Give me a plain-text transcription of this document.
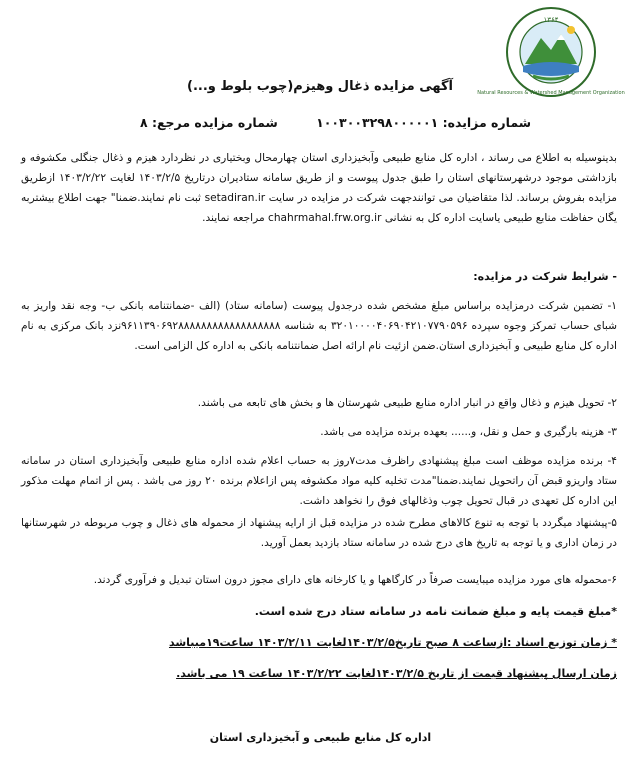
۱۳۶۴
Natural Resources & Watershed Management Organization
آگهی مزایده ذغال وهیزم(چوب بلوط و...)
شماره مزایده: ۱۰۰۳۰۰۳۲۹۸۰۰۰۰۰۱
شماره مزایده مرجع: ۸
بدینوسیله به اطلاع می رساند ، اداره کل منابع طبیعی وآبخیزداری استان چهارمحال وبختیاری در نظردارد هیزم و ذغال جنگلی مکشوفه و بازداشتی موجود درشهرستانهای استان را طبق جدول پیوست و از طریق سامانه ستادیران درتاریخ ۱۴۰۳/۲/۵ لغایت ۱۴۰۳/۲/۲۲ ازطریق مزایده بفروش برساند. لذا متقاضیان می توانندجهت شرکت در مزایده در سایت setadiran.ir ثبت نام نمایند.ضمنا" جهت اطلاع بیشتربه یگان حفاظت منابع طبیعی یاسایت اداره کل به نشانی chahrmahal.frw.org.ir مراجعه نمایند.
- شرایط شرکت در مزایده:
۱- تضمین شرکت درمزایده براساس مبلغ مشخص شده درجدول پیوست (سامانه ستاد) (الف -ضمانتنامه بانکی ب- وجه نقد واریز به شبای حساب تمرکز وجوه سپرده ۳۲۰۱۰۰۰۰۴۰۶۹۰۴۲۱۰۷۷۹۰۵۹۶ به شناسه ۹۶۱۱۳۹۰۶۹۲۸۸۸۸۸۸۸۸۸۸۸۸۸۸۸۸۸۸نزد بانک مرکزی به نام اداره کل منابع طبیعی و آبخیزداری استان.ضمن ازئیت نام ارائه اصل ضمانتنامه بانکی به اداره کل الزامی است.
۲- تحویل هیزم و ذغال واقع در انبار اداره منابع طبیعی شهرستان ها و بخش های تابعه می باشند.
۳- هزینه بارگیری و حمل و نقل، و...... بعهده برنده مزایده می باشد.
۴- برنده مزایده موظف است مبلغ پیشنهادی راظرف مدت۷روز به حساب اعلام شده اداره منابع طبیعی وآبخیزداری استان در سامانه ستاد واریزو قبض آن راتحویل نمایند.ضمنا"مدت تخلیه کلیه مواد مکشوفه پس ازاعلام برنده ۲۰ روز می باشد . پس از اتمام مهلت مذکور این اداره کل تعهدی در قبال تحویل چوب وذغالهای فوق را نخواهد داشت.
۵-پیشنهاد میگردد با توجه به تنوع کالاهای مطرح شده در مزایده قبل از ارایه پیشنهاد از محموله های ذغال و چوب مربوطه در شهرستانها در زمان اداری و یا توجه به تاریخ های درج شده در سامانه ستاد بازدید بعمل آورید.
۶-محموله های مورد مزایده میبایست صرفاً در کارگاهها و یا کارخانه های دارای مجوز درون استان تبدیل و فرآوری گردند.
*مبلغ قیمت پایه و مبلغ ضمانت نامه در سامانه ستاد درج شده است.
* زمان توزیع اسناد :ازساعت ۸ صبح تاریخ۱۴۰۳/۲/۵لغایت ۱۴۰۳/۲/۱۱ ساعت۱۹میباشد
زمان ارسال پیشنهاد قیمت از تاریخ ۱۴۰۳/۲/۵لغایت ۱۴۰۳/۲/۲۲ ساعت ۱۹ می باشد.
اداره کل منابع طبیعی و آبخیزداری استان
